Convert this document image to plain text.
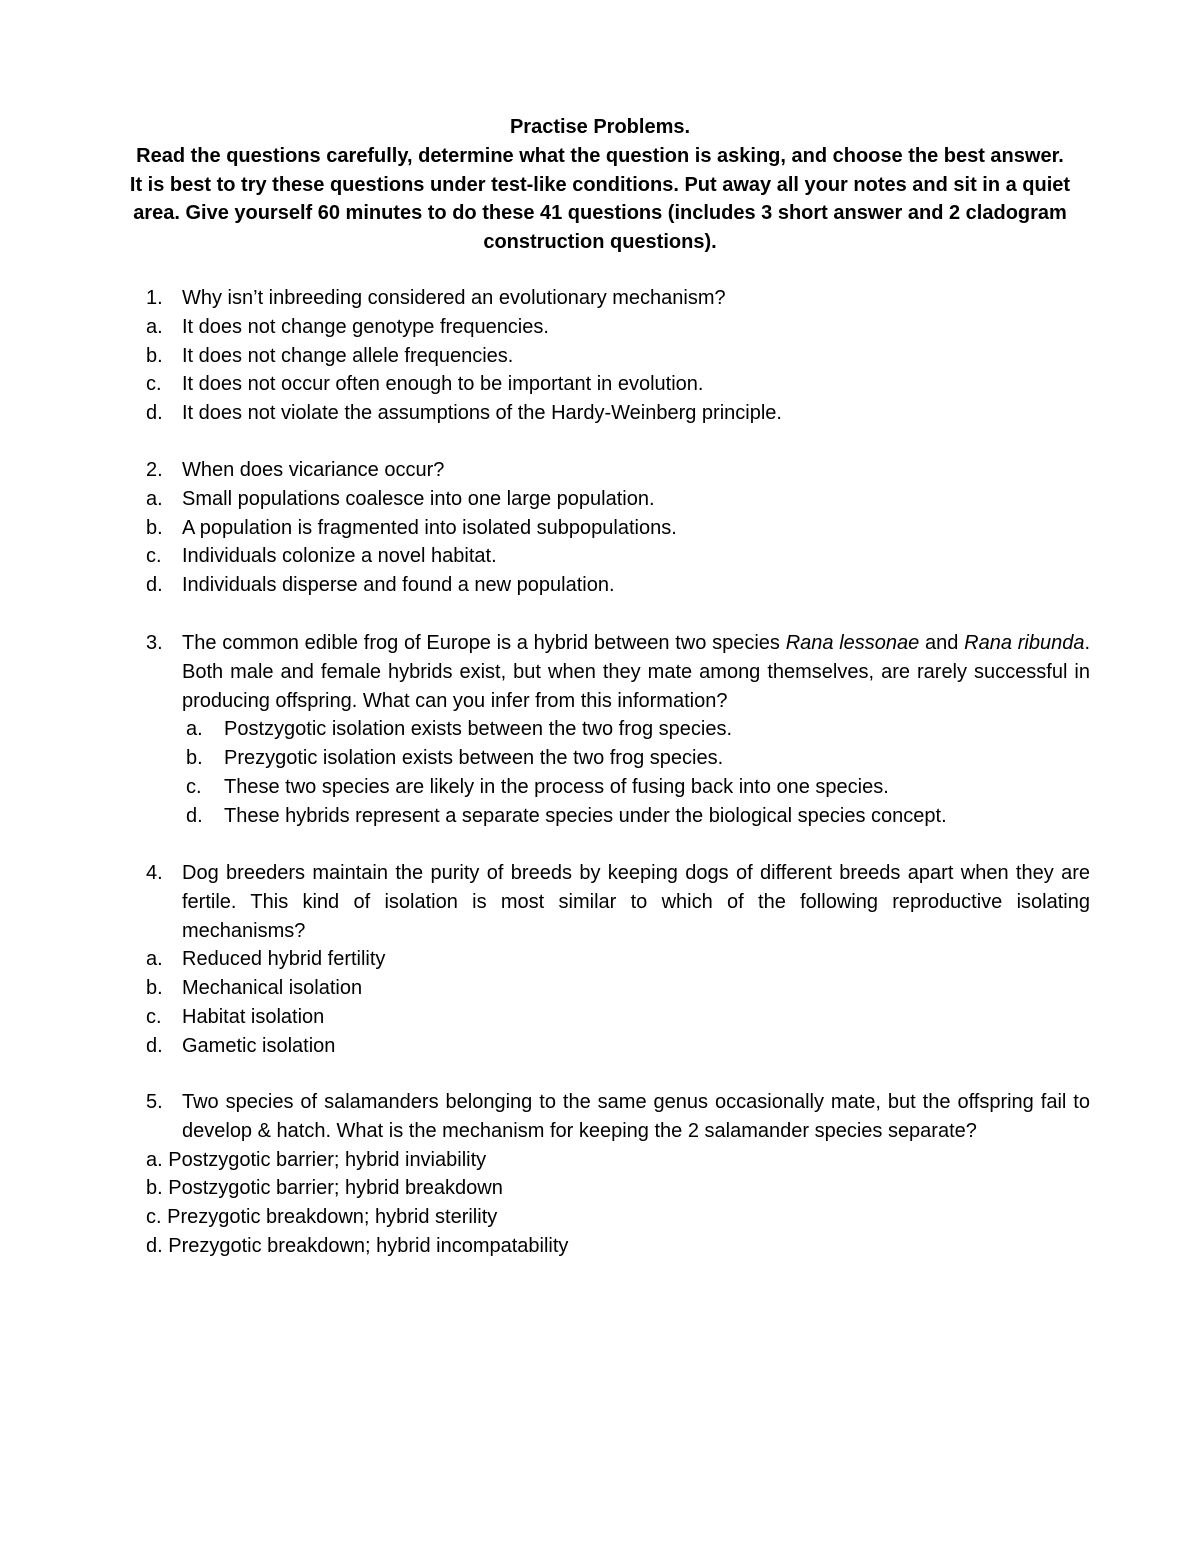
Practise Problems.
Read the questions carefully, determine what the question is asking, and choose the best answer.
It is best to try these questions under test-like conditions. Put away all your notes and sit in a quiet
area. Give yourself 60 minutes to do these 41 questions (includes 3 short answer and 2 cladogram
construction questions).
1. Why isn’t inbreeding considered an evolutionary mechanism?
a. It does not change genotype frequencies.
b. It does not change allele frequencies.
c.	It does not occur often enough to be important in evolution.
d. It does not violate the assumptions of the Hardy-Weinberg principle.
2. When does vicariance occur?
a. Small populations coalesce into one large population.
b. A population is fragmented into isolated subpopulations.
c.	Individuals colonize a novel habitat.
d. Individuals disperse and found a new population.
3. The common edible frog of Europe is a hybrid between two species Rana lessonae and Rana ribunda. Both male and female hybrids exist, but when they mate among themselves, are rarely successful in producing offspring. What can you infer from this information?
a.	Postzygotic isolation exists between the two frog species.
b.	Prezygotic isolation exists between the two frog species.
c.	These two species are likely in the process of fusing back into one species.
d.	These hybrids represent a separate species under the biological species concept.
4. Dog breeders maintain the purity of breeds by keeping dogs of different breeds apart when they are fertile. This kind of isolation is most similar to which of the following reproductive isolating mechanisms?
a. Reduced hybrid fertility
b. Mechanical isolation
c.	Habitat isolation
d. Gametic isolation
5. Two species of salamanders belonging to the same genus occasionally mate, but the offspring fail to develop & hatch. What is the mechanism for keeping the 2 salamander species separate?
a. Postzygotic barrier; hybrid inviability
b. Postzygotic barrier; hybrid breakdown
c. Prezygotic breakdown; hybrid sterility
d. Prezygotic breakdown; hybrid incompatability
